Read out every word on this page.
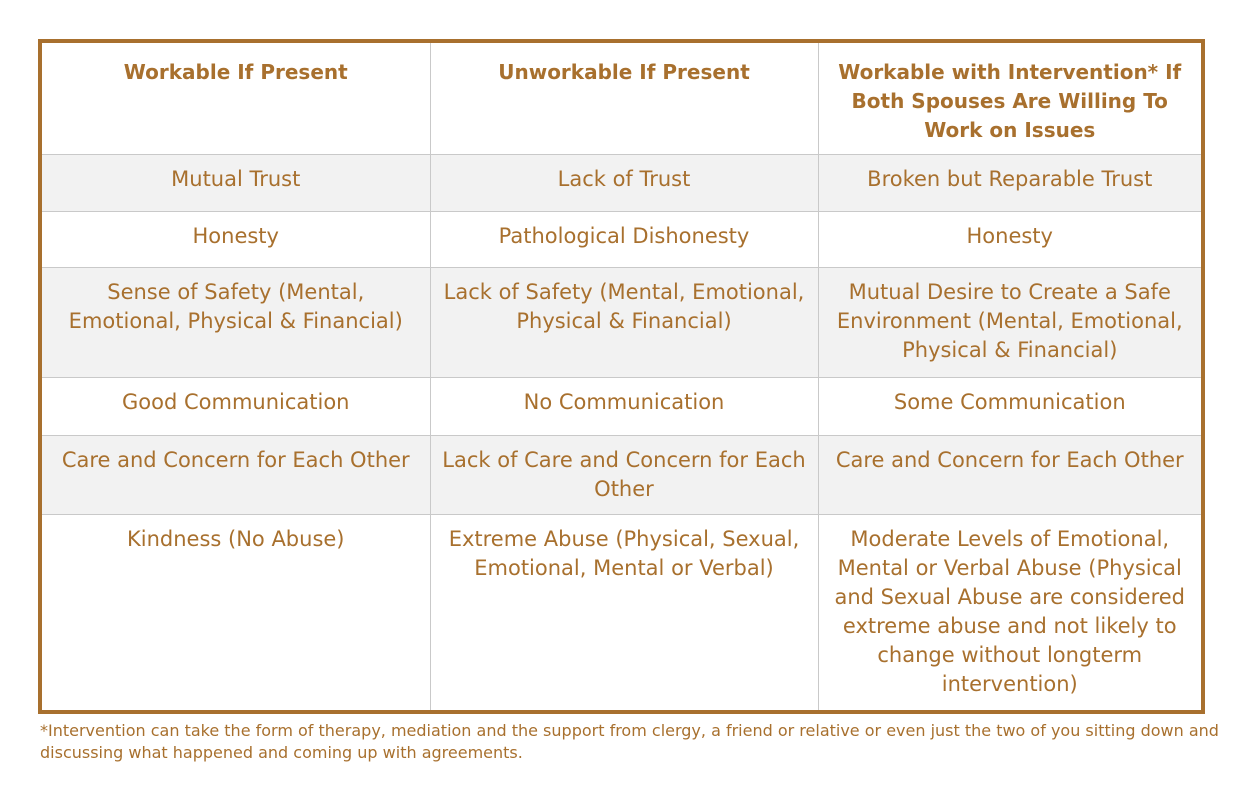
Workable If Present	Unworkable If Present	Workable with Intervention* If Both Spouses Are Willing To Work on Issues
Mutual Trust	Lack of Trust	Broken but Reparable Trust
Honesty	Pathological Dishonesty	Honesty
Sense of Safety (Mental, Emotional, Physical & Financial)	Lack of Safety (Mental, Emotional, Physical & Financial)	Mutual Desire to Create a Safe Environment (Mental, Emotional, Physical & Financial)
Good Communication	No Communication	Some Communication
Care and Concern for Each Other	Lack of Care and Concern for Each Other	Care and Concern for Each Other
Kindness (No Abuse)	Extreme Abuse (Physical, Sexual, Emotional, Mental or Verbal)	Moderate Levels of Emotional, Mental or Verbal Abuse (Physical and Sexual Abuse are considered extreme abuse and not likely to change without longterm intervention)
*Intervention can take the form of therapy, mediation and the support from clergy, a friend or relative or even just the two of you sitting down and discussing what happened and coming up with agreements.
